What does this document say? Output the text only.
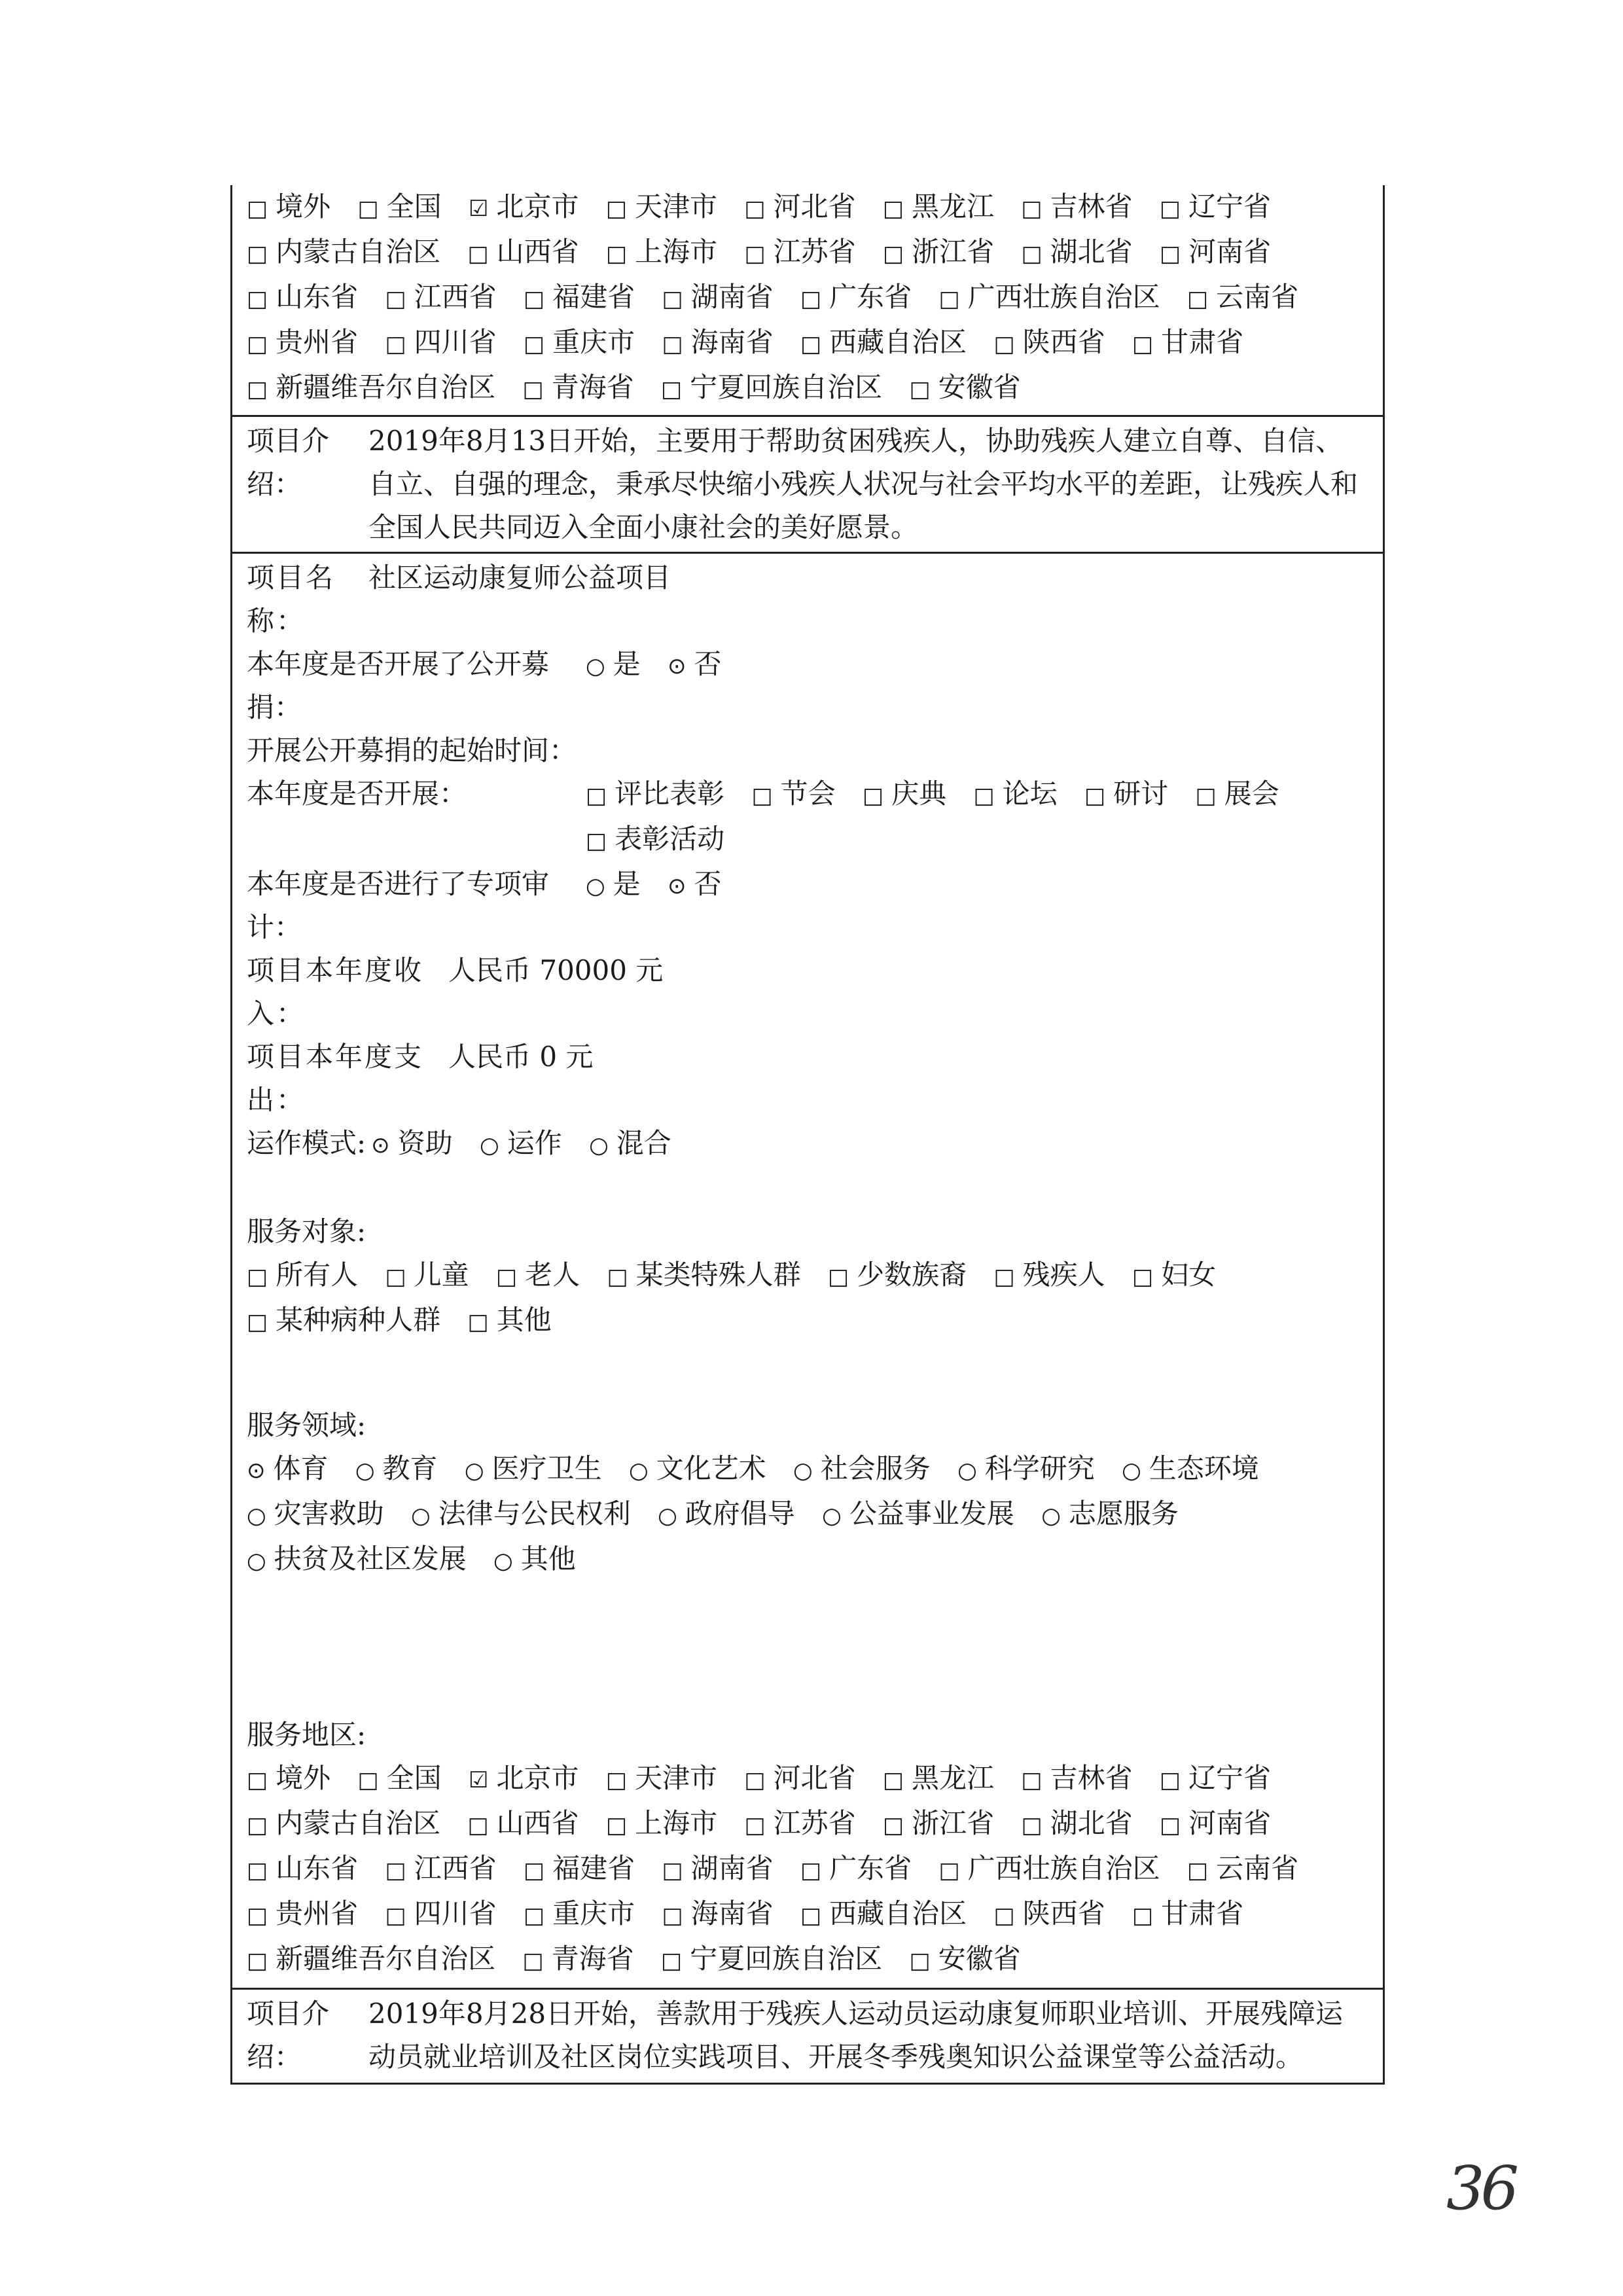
□ 境外 □ 全国 ☑ 北京市 □ 天津市 □ 河北省 □ 黑龙江 □ 吉林省 □ 辽宁省 □ 内蒙古自治区 □ 山西省 □ 上海市 □ 江苏省 □ 浙江省 □ 湖北省 □ 河南省 □ 山东省 □ 江西省 □ 福建省 □ 湖南省 □ 广东省 □ 广西壮族自治区 □ 云南省 □ 贵州省 □ 四川省 □ 重庆市 □ 海南省 □ 西藏自治区 □ 陕西省 □ 甘肃省 □ 新疆维吾尔自治区 □ 青海省 □ 宁夏回族自治区 □ 安徽省

项目介绍：
2019年8月13日开始，主要用于帮助贫困残疾人，协助残疾人建立自尊、自信、自立、自强的理念，秉承尽快缩小残疾人状况与社会平均水平的差距，让残疾人和全国人民共同迈入全面小康社会的美好愿景。
项目名称：
社区运动康复师公益项目
本年度是否开展了公开募捐：
○ 是 ⊙ 否
开展公开募捐的起始时间：
本年度是否开展：	□ 评比表彰 □ 节会 □ 庆典 □ 论坛 □ 研讨 □ 展会 □ 表彰活动
本年度是否进行了专项审计：
○ 是 ⊙ 否
项目本年度收入：
人民币 70000 元
项目本年度支出：
人民币 0 元
运作模式: ⊙ 资助 ○ 运作 ○ 混合

服务对象:

□ 所有人 □ 儿童 □ 老人 □ 某类特殊人群 □ 少数族裔 □ 残疾人 □ 妇女 □ 某种病种人群 □ 其他

服务领域:

⊙ 体育 ○ 教育 ○ 医疗卫生 ○ 文化艺术 ○ 社会服务 ○ 科学研究 ○ 生态环境 ○ 灾害救助 ○ 法律与公民权利 ○ 政府倡导 ○ 公益事业发展 ○ 志愿服务 ○ 扶贫及社区发展 ○ 其他

服务地区:

□ 境外 □ 全国 ☑ 北京市 □ 天津市 □ 河北省 □ 黑龙江 □ 吉林省 □ 辽宁省 □ 内蒙古自治区 □ 山西省 □ 上海市 □ 江苏省 □ 浙江省 □ 湖北省 □ 河南省 □ 山东省 □ 江西省 □ 福建省 □ 湖南省 □ 广东省 □ 广西壮族自治区 □ 云南省 □ 贵州省 □ 四川省 □ 重庆市 □ 海南省 □ 西藏自治区 □ 陕西省 □ 甘肃省 □ 新疆维吾尔自治区 □ 青海省 □ 宁夏回族自治区 □ 安徽省

项目介绍：
2019年8月28日开始，善款用于残疾人运动员运动康复师职业培训、开展残障运动员就业培训及社区岗位实践项目、开展冬季残奥知识公益课堂等公益活动。
36
